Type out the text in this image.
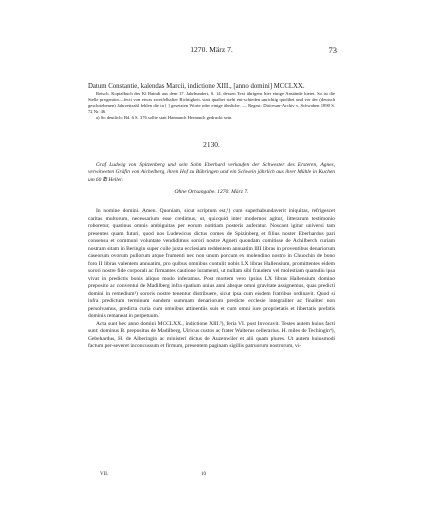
1270. März 7.	73
Datum Constantie, kalendas Marcii, indictione XIII., [anno domini] MCCLXX.

Beisch. Kopialbuch des Kl Baindt aus dem 17. Jahrhundert, S. 14, dessen Text übrigens hier einige Anstände bietet. So ist die Stelle progenitor—fecit von etwas zweifelhafter Richtigkeit, statt quaibet steht ent-schieden unrichtig quolibet und vor der (deutsch geschriebenen) Jahrzeitzahl fehlen die in [ ] gesetzten Worte oder einige ähnliche. — Regest: Diöcesan-Archiv v. Schwaben 1890 S. 72 Nr. 46.

a) So deutlich; Bd. 6 S. 376 sollte statt Hannanch Hernanch gedruckt sein.

2130.
Graf Ludwig von Spitzenberg und sein Sohn Eberhard verkaufen der Schwester des Ersteren, Agnes, verwitweten Gräfin von Aichelberg, ihren Hof zu Bühringen und ein Schwein jährlich aus ihrer Mühle in Kuchen um 60 ℔ Heller.
Ohne Ortsangabe. 1270. März 7.

In nomine domini. Amen. Quoniam, sicut scriptum est,¹) cum superhabundaverit iniquitas, refrigescet caritas multorum, necessarium esse credimus, ut, quicquid inter modernos agitur, litterarum testimonio roboretur, quatinus omnis ambiguitas per eorum notitiam posteris auferatur. Noscant igitur universi tam presentes quam futuri, quod nos Ludewicus dictus comes de Spizinberg et filius noster Eberhardus pari consensu et communi voluntate vendidimus sorori nostre Agneti quondam comitisse de Achilberch curiam nostram sitam in Beringin super colle juxta ecclesiam reddentem annuatim IIII libras in proventibus denariorum caseorum ovorum pullorum atque frumenti nec non unum porcum ex molendino nostro in Chuochin de bono foro II libras valentem annuatim, pro quibus omnibus contulit nobis LX libras Hallensium, promittentes eidem sorori nostre fide corporali ac firmantes cautione iuramenti, ut nullam sibi fraudem vel molestiam quamdiu ipsa vivat in predictis bonis aliquo modo inferamus. Post mortem vero ipsius LX libras Hallensium domino preposito ac conventui de Madilberg infra spatium unius anni absque omni gravitate assignemus, quas predicti domini in remedium²) sororis nostre tenentur distribuere, sicut ipsa cum eisdem fratribus ordinavit. Quod si infra predictum terminum eandem summam denariorum predicte ecclesie integraliter ac finaliter non persolvamus, predicta curia cum omnibus attinentiis suis et cum omni iure proprietatis et libertatis prefatis dominis remaneat in perpetuum.

Acta sunt hec anno domini MCCLXX., indictione XIII.³), feria VI. post Invocavit. Testes autem huius facti sunt: dominus B. prepositus de Madilberg, Ulricus custos ac frater Walterus cellerarius. H. miles de Techingin⁴), Gebehardus, H. de Alberingin ac ministeri dictus de Auzenwiler et alii quam plures. Ut autem huiusmodi factum per-severet inconcussum et firmum, presentem paginam sigillis patruorum nostrorum, vi-

VII.	10
